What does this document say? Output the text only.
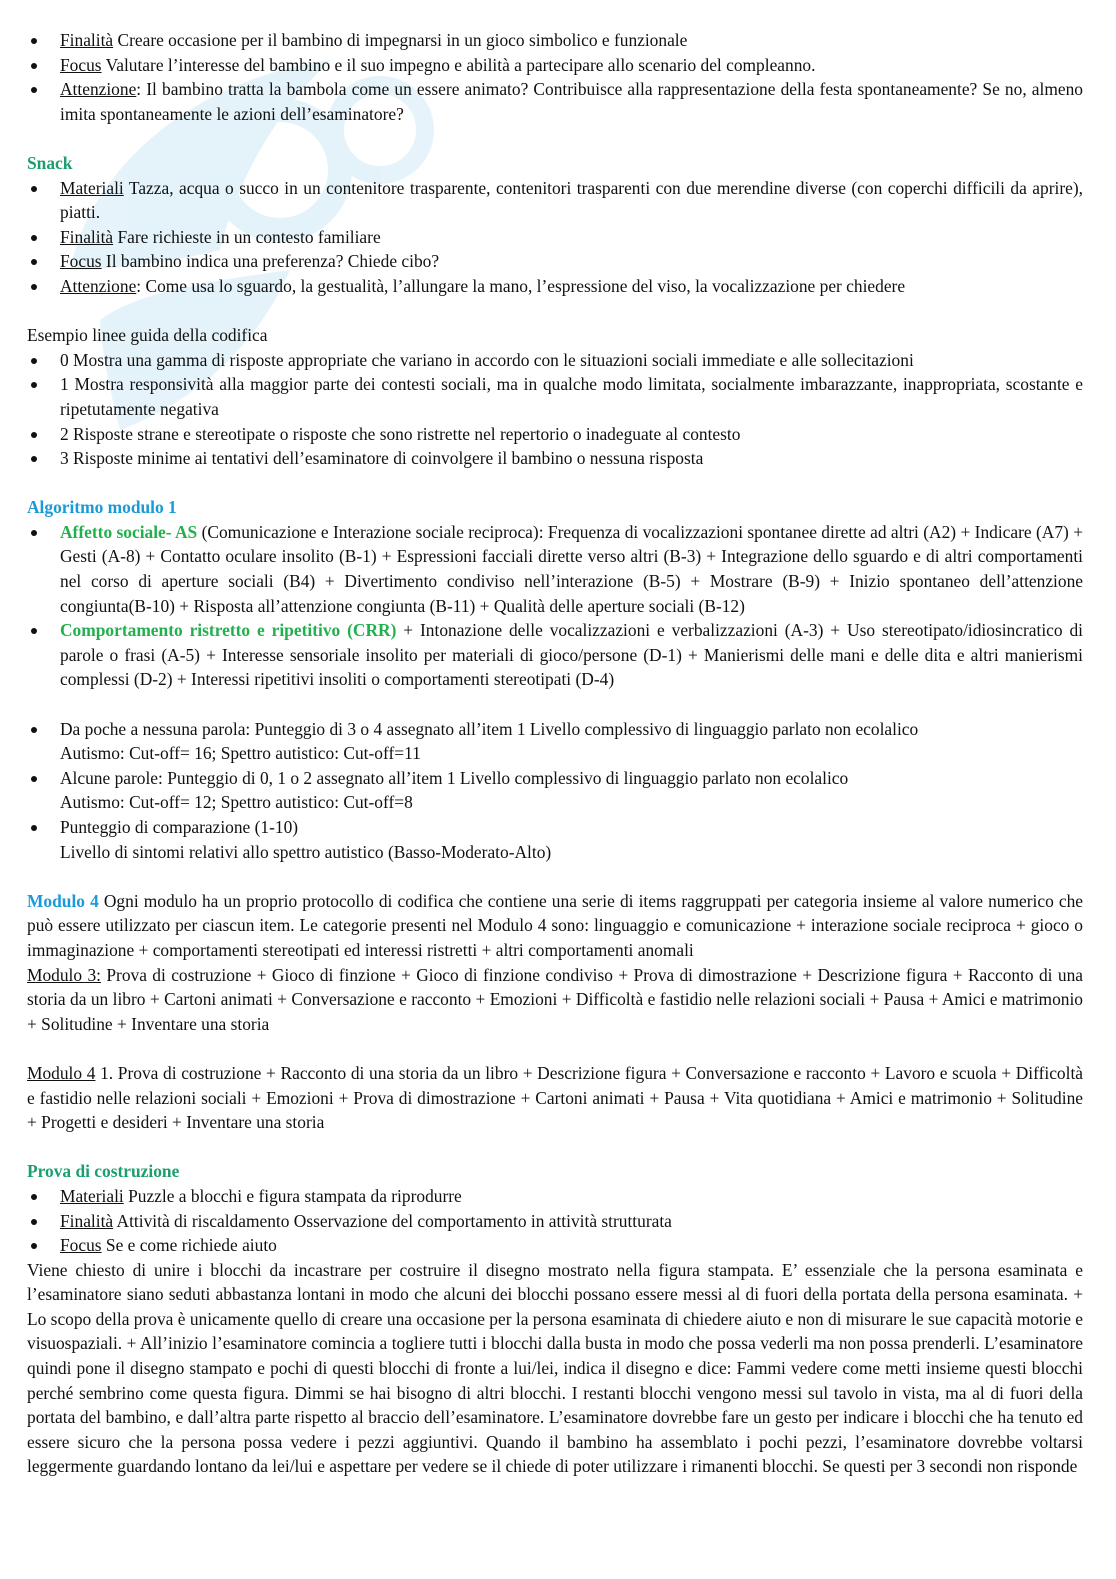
Finalità Creare occasione per il bambino di impegnarsi in un gioco simbolico e funzionale
Focus Valutare l’interesse del bambino e il suo impegno e abilità a partecipare allo scenario del compleanno.
Attenzione: Il bambino tratta la bambola come un essere animato? Contribuisce alla rappresentazione della festa spontaneamente? Se no, almeno imita spontaneamente le azioni dell’esaminatore?
Snack
Materiali Tazza, acqua o succo in un contenitore trasparente, contenitori trasparenti con due merendine diverse (con coperchi difficili da aprire), piatti.
Finalità Fare richieste in un contesto familiare
Focus Il bambino indica una preferenza? Chiede cibo?
Attenzione: Come usa lo sguardo, la gestualità, l’allungare la mano, l’espressione del viso, la vocalizzazione per chiedere
Esempio linee guida della codifica
0 Mostra una gamma di risposte appropriate che variano in accordo con le situazioni sociali immediate e alle sollecitazioni
1 Mostra responsività alla maggior parte dei contesti sociali, ma in qualche modo limitata, socialmente imbarazzante, inappropriata, scostante e ripetutamente negativa
2 Risposte strane e stereotipate o risposte che sono ristrette nel repertorio o inadeguate al contesto
3 Risposte minime ai tentativi dell’esaminatore di coinvolgere il bambino o nessuna risposta
Algoritmo modulo 1
Affetto sociale- AS (Comunicazione e Interazione sociale reciproca): Frequenza di vocalizzazioni spontanee dirette ad altri (A2) + Indicare (A7) + Gesti (A-8) + Contatto oculare insolito (B-1) + Espressioni facciali dirette verso altri (B-3) + Integrazione dello sguardo e di altri comportamenti nel corso di aperture sociali (B4) + Divertimento condiviso nell’interazione (B-5) + Mostrare (B-9) + Inizio spontaneo dell’attenzione congiunta(B-10) + Risposta all’attenzione congiunta (B-11) + Qualità delle aperture sociali (B-12)
Comportamento ristretto e ripetitivo (CRR) + Intonazione delle vocalizzazioni e verbalizzazioni (A-3) + Uso stereotipato/idiosincratico di parole o frasi (A-5) + Interesse sensoriale insolito per materiali di gioco/persone (D-1) + Manierismi delle mani e delle dita e altri manierismi complessi (D-2) + Interessi ripetitivi insoliti o comportamenti stereotipati (D-4)
Da poche a nessuna parola: Punteggio di 3 o 4 assegnato all’item 1 Livello complessivo di linguaggio parlato non ecolalico
Autismo: Cut-off= 16; Spettro autistico: Cut-off=11
Alcune parole: Punteggio di 0, 1 o 2 assegnato all’item 1 Livello complessivo di linguaggio parlato non ecolalico
Autismo: Cut-off= 12; Spettro autistico: Cut-off=8
Punteggio di comparazione (1-10)
Livello di sintomi relativi allo spettro autistico (Basso-Moderato-Alto)

Modulo 4 Ogni modulo ha un proprio protocollo di codifica che contiene una serie di items raggruppati per categoria insieme al valore numerico che può essere utilizzato per ciascun item. Le categorie presenti nel Modulo 4 sono: linguaggio e comunicazione + interazione sociale reciproca + gioco o immaginazione + comportamenti stereotipati ed interessi ristretti + altri comportamenti anomali

Modulo 3: Prova di costruzione + Gioco di finzione + Gioco di finzione condiviso + Prova di dimostrazione + Descrizione figura + Racconto di una storia da un libro + Cartoni animati + Conversazione e racconto + Emozioni + Difficoltà e fastidio nelle relazioni sociali + Pausa + Amici e matrimonio + Solitudine + Inventare una storia

Modulo 4 1. Prova di costruzione + Racconto di una storia da un libro + Descrizione figura + Conversazione e racconto + Lavoro e scuola + Difficoltà e fastidio nelle relazioni sociali + Emozioni + Prova di dimostrazione + Cartoni animati + Pausa + Vita quotidiana + Amici e matrimonio + Solitudine + Progetti e desideri + Inventare una storia

Prova di costruzione
Materiali Puzzle a blocchi e figura stampata da riprodurre
Finalità Attività di riscaldamento Osservazione del comportamento in attività strutturata
Focus Se e come richiede aiuto

Viene chiesto di unire i blocchi da incastrare per costruire il disegno mostrato nella figura stampata. E’ essenziale che la persona esaminata e l’esaminatore siano seduti abbastanza lontani in modo che alcuni dei blocchi possano essere messi al di fuori della portata della persona esaminata. + Lo scopo della prova è unicamente quello di creare una occasione per la persona esaminata di chiedere aiuto e non di misurare le sue capacità motorie e visuospaziali. + All’inizio l’esaminatore comincia a togliere tutti i blocchi dalla busta in modo che possa vederli ma non possa prenderli. L’esaminatore quindi pone il disegno stampato e pochi di questi blocchi di fronte a lui/lei, indica il disegno e dice: Fammi vedere come metti insieme questi blocchi perché sembrino come questa figura. Dimmi se hai bisogno di altri blocchi. I restanti blocchi vengono messi sul tavolo in vista, ma al di fuori della portata del bambino, e dall’altra parte rispetto al braccio dell’esaminatore. L’esaminatore dovrebbe fare un gesto per indicare i blocchi che ha tenuto ed essere sicuro che la persona possa vedere i pezzi aggiuntivi. Quando il bambino ha assemblato i pochi pezzi, l’esaminatore dovrebbe voltarsi leggermente guardando lontano da lei/lui e aspettare per vedere se il chiede di poter utilizzare i rimanenti blocchi. Se questi per 3 secondi non risponde
